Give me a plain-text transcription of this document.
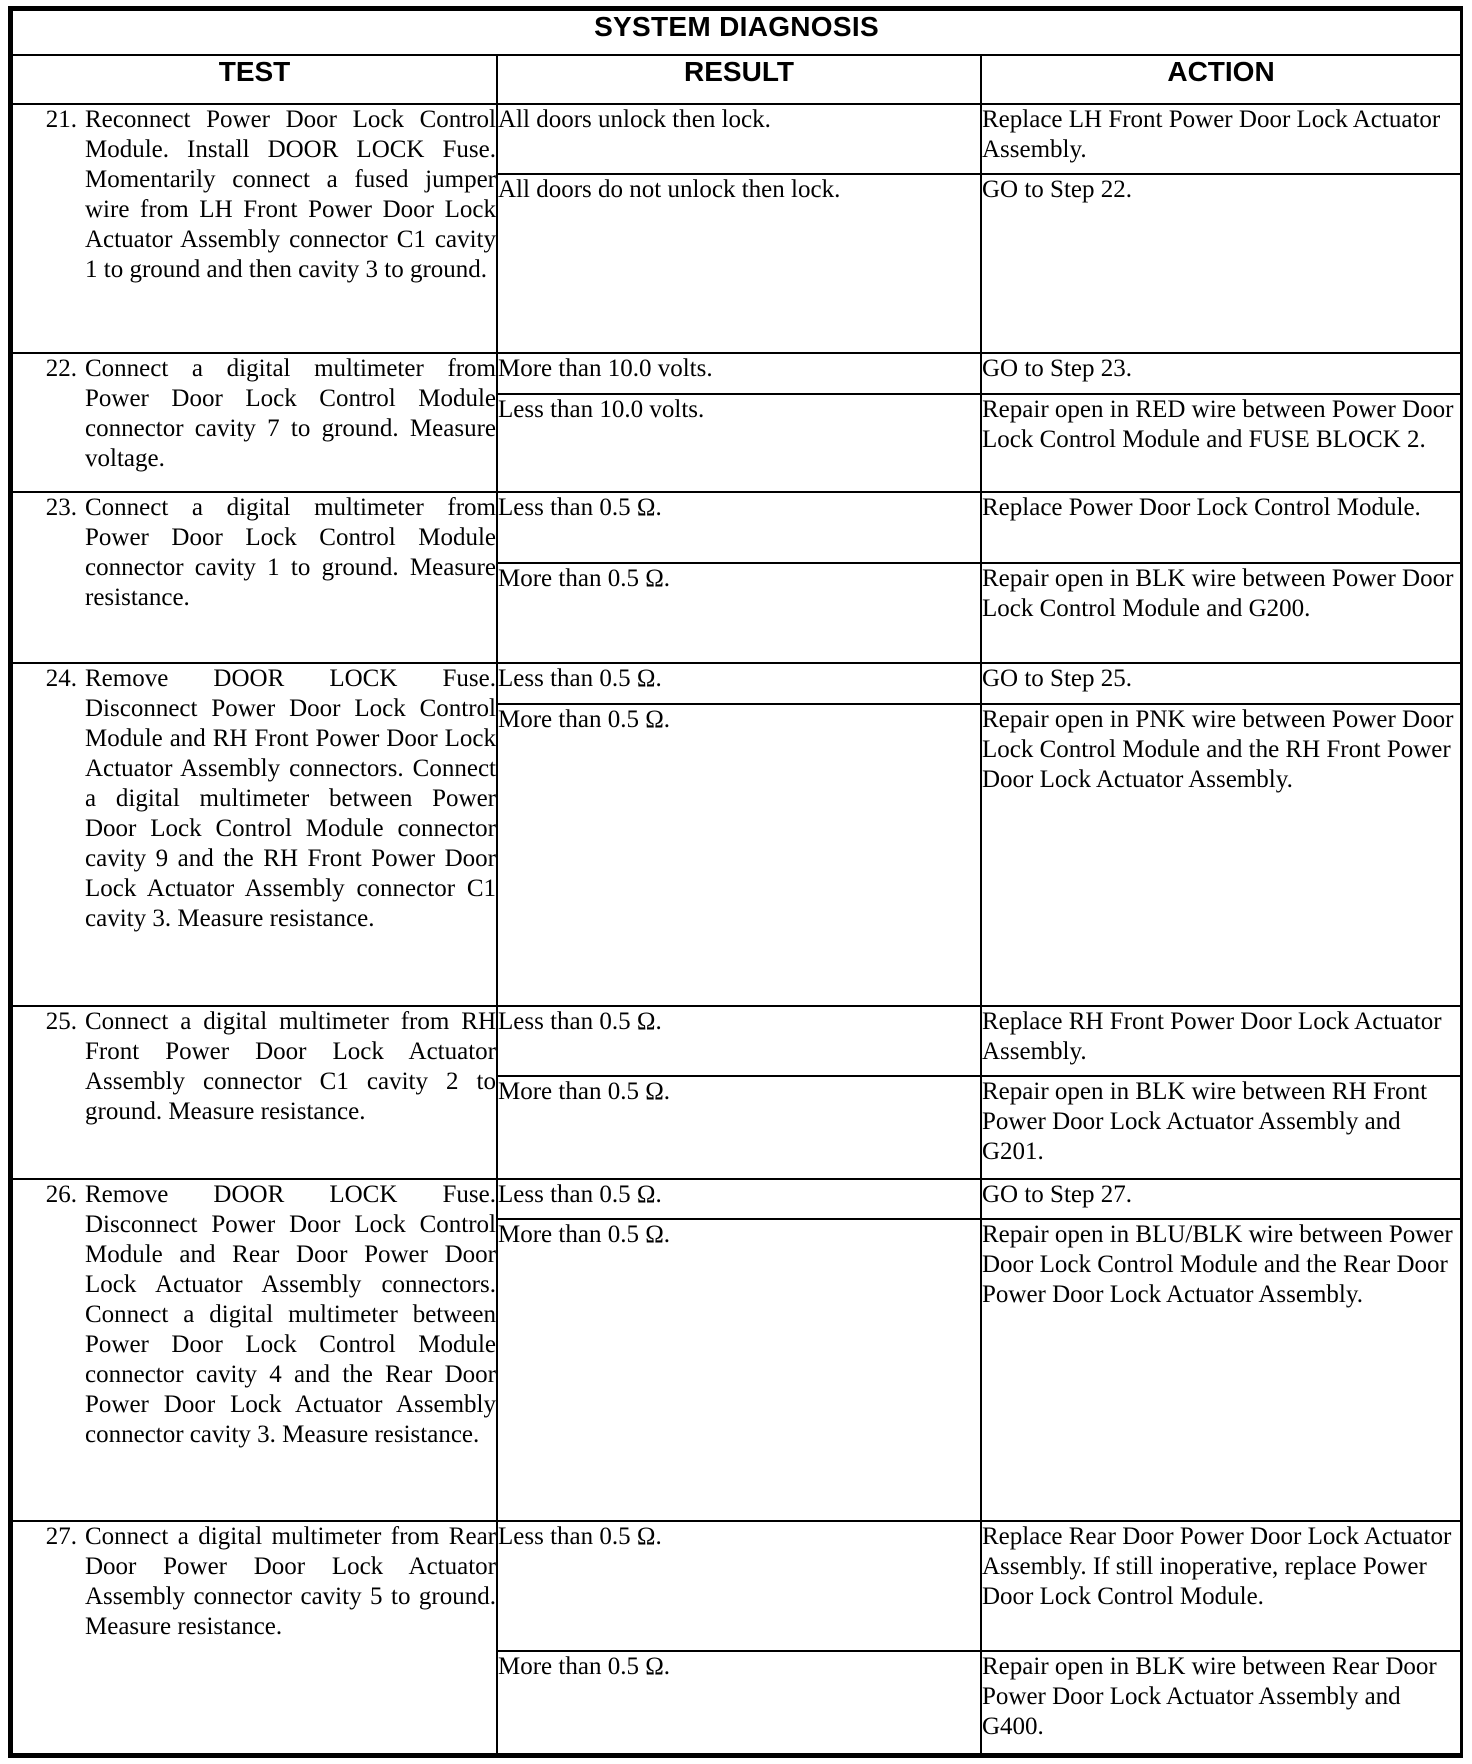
SYSTEM DIAGNOSIS		
TEST	RESULT	ACTION

21. Reconnect Power Door Lock Control Module. Install DOOR LOCK Fuse. Momentarily connect a fused jumper wire from LH Front Power Door Lock Actuator Assembly connector C1 cavity 1 to ground and then cavity 3 to ground.	All doors unlock then lock.	Replace LH Front Power Door Lock Actuator Assembly.
	All doors do not unlock then lock.	GO to Step 22.

22. Connect a digital multimeter from Power Door Lock Control Module connector cavity 7 to ground. Measure voltage.	More than 10.0 volts.	GO to Step 23.
	Less than 10.0 volts.	Repair open in RED wire between Power Door Lock Control Module and FUSE BLOCK 2.

23. Connect a digital multimeter from Power Door Lock Control Module connector cavity 1 to ground. Measure resistance.	Less than 0.5 Ω.	Replace Power Door Lock Control Module.
	More than 0.5 Ω.	Repair open in BLK wire between Power Door Lock Control Module and G200.

24. Remove DOOR LOCK Fuse. Disconnect Power Door Lock Control Module and RH Front Power Door Lock Actuator Assembly connectors. Connect a digital multimeter between Power Door Lock Control Module connector cavity 9 and the RH Front Power Door Lock Actuator Assembly connector C1 cavity 3. Measure resistance.	Less than 0.5 Ω.	GO to Step 25.
	More than 0.5 Ω.	Repair open in PNK wire between Power Door Lock Control Module and the RH Front Power Door Lock Actuator Assembly.

25. Connect a digital multimeter from RH Front Power Door Lock Actuator Assembly connector C1 cavity 2 to ground. Measure resistance.	Less than 0.5 Ω.	Replace RH Front Power Door Lock Actuator Assembly.
	More than 0.5 Ω.	Repair open in BLK wire between RH Front Power Door Lock Actuator Assembly and G201.

26. Remove DOOR LOCK Fuse. Disconnect Power Door Lock Control Module and Rear Door Power Door Lock Actuator Assembly connectors. Connect a digital multimeter between Power Door Lock Control Module connector cavity 4 and the Rear Door Power Door Lock Actuator Assembly connector cavity 3. Measure resistance.	Less than 0.5 Ω.	GO to Step 27.
	More than 0.5 Ω.	Repair open in BLU/BLK wire between Power Door Lock Control Module and the Rear Door Power Door Lock Actuator Assembly.

27. Connect a digital multimeter from Rear Door Power Door Lock Actuator Assembly connector cavity 5 to ground. Measure resistance.	Less than 0.5 Ω.	Replace Rear Door Power Door Lock Actuator Assembly. If still inoperative, replace Power Door Lock Control Module.
	More than 0.5 Ω.	Repair open in BLK wire between Rear Door Power Door Lock Actuator Assembly and G400.
